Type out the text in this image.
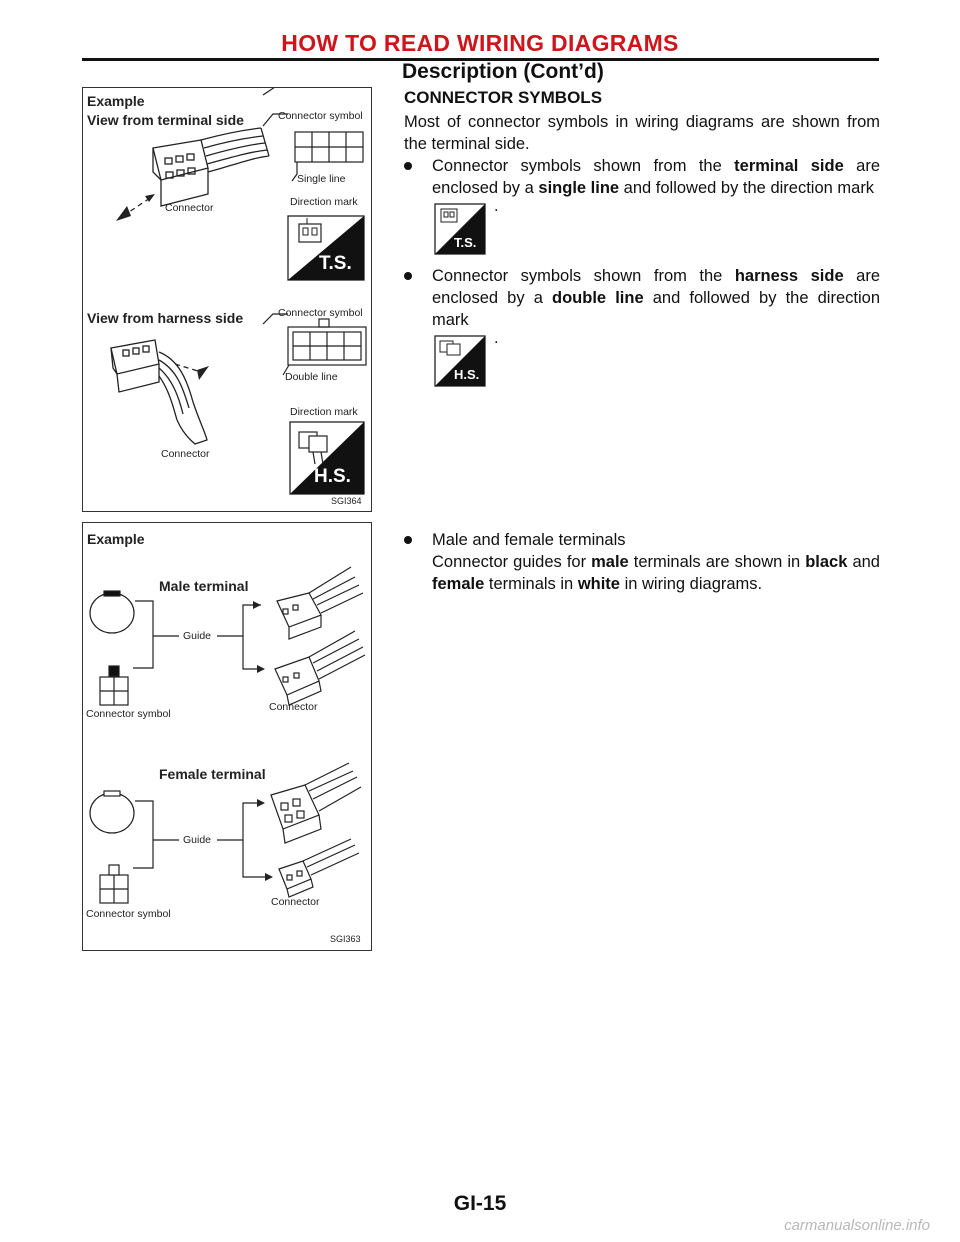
HOW TO READ WIRING DIAGRAMS
Description (Cont’d)
Example
View from terminal side	Connector symbol
Single line
Connector	Direction mark
T.S.
View from harness side	Connector symbol
Double line
Direction mark
Connector
H.S.
SGI364
Example
Male terminal
Guide
Connector symbol
Connector
Female terminal
Guide
Connector symbol
Connector
SGI363
CONNECTOR SYMBOLS

Most of connector symbols in wiring diagrams are shown from the terminal side.

Connector symbols shown from the terminal side are enclosed by a single line and followed by the direction mark
T.S.
.
Connector symbols shown from the harness side are enclosed by a double line and followed by the direction mark
H.S.
.
Male and female terminals
Connector guides for male terminals are shown in black and female terminals in white in wiring diagrams.
GI-15
carmanualsonline.info
